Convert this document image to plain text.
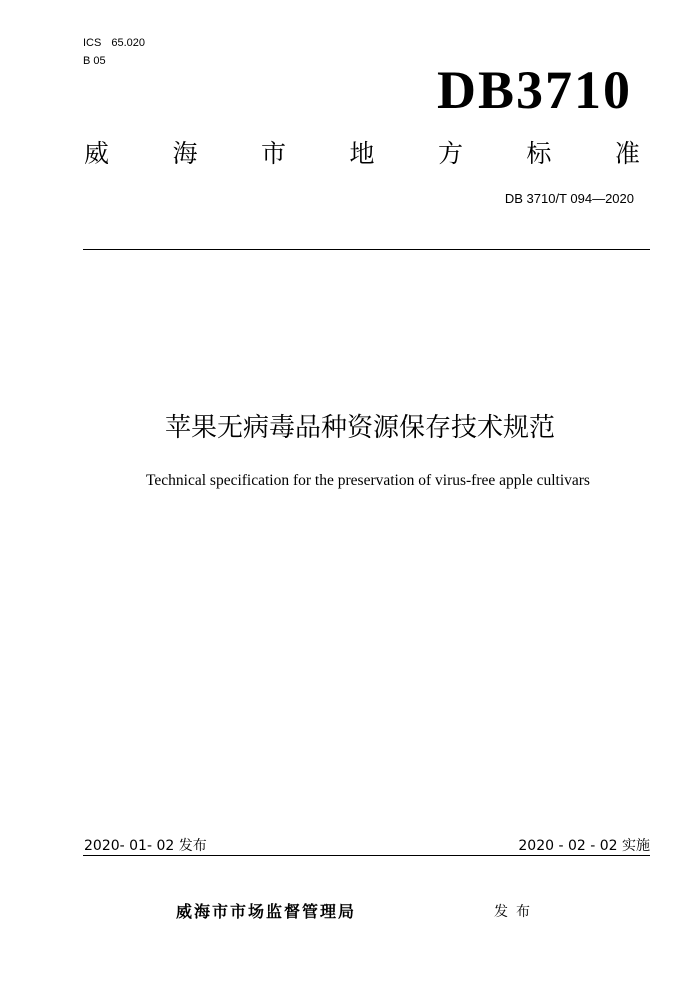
ICS 65.020
B 05	DB3710
威	海	市	地	方	标	准
DB 3710/T 094—2020
苹果无病毒品种资源保存技术规范
Technical specification for the preservation of virus-free apple cultivars
2020- 01- 02 发布	2020 - 02 - 02 实施
威海市市场监督管理局	发布
